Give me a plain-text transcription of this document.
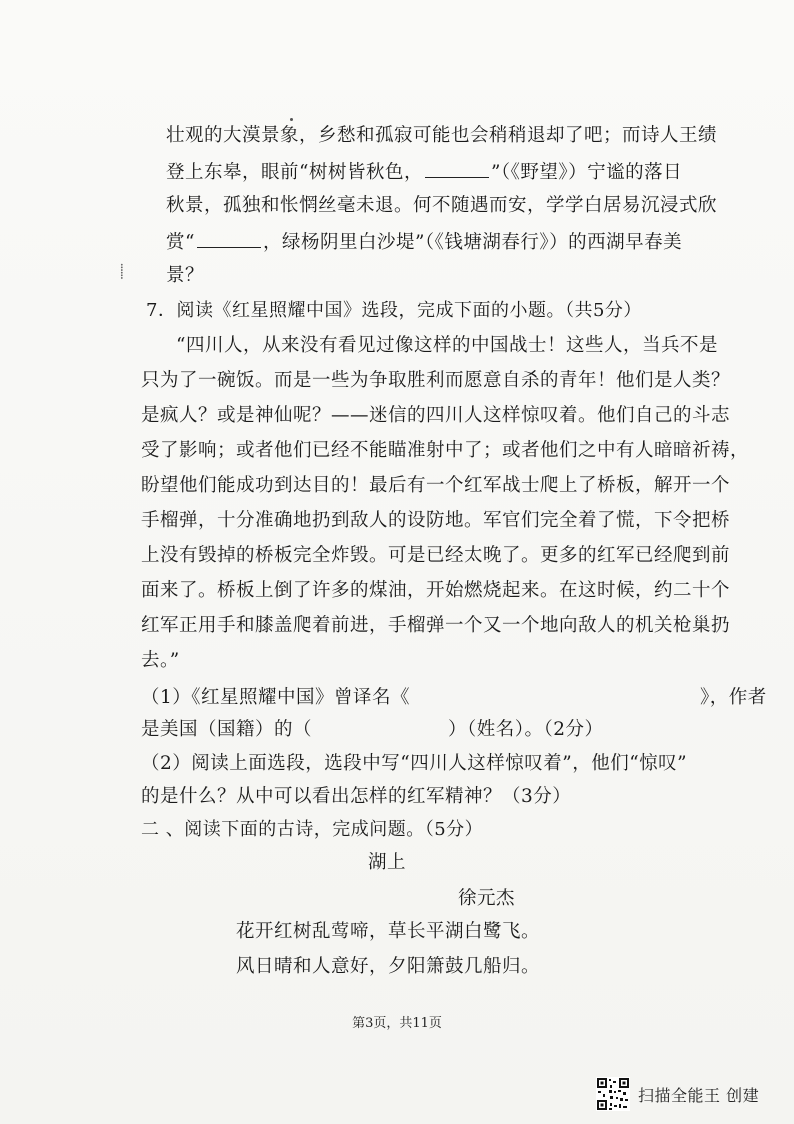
壮观的大漠景象，乡愁和孤寂可能也会稍稍退却了吧；而诗人王绩
登上东皋，眼前“树树皆秋色，	”（《野望》）宁谧的落日
秋景，孤独和怅惘丝毫未退。何不随遇而安，学学白居易沉浸式欣
赏“	，绿杨阴里白沙堤”（《钱塘湖春行》）的西湖早春美
⸽ 景？
7．阅读《红星照耀中国》选段，完成下面的小题。（共5分）
“四川人，从来没有看见过像这样的中国战士！这些人，当兵不是
只为了一碗饭。而是一些为争取胜利而愿意自杀的青年！他们是人类？
是疯人？或是神仙呢？——迷信的四川人这样惊叹着。他们自己的斗志
受了影响；或者他们已经不能瞄准射中了；或者他们之中有人暗暗祈祷，
盼望他们能成功到达目的！最后有一个红军战士爬上了桥板，解开一个
手榴弹，十分准确地扔到敌人的设防地。军官们完全着了慌，下令把桥
上没有毁掉的桥板完全炸毁。可是已经太晚了。更多的红军已经爬到前
面来了。桥板上倒了许多的煤油，开始燃烧起来。在这时候，约二十个
红军正用手和膝盖爬着前进，手榴弹一个又一个地向敌人的机关枪巢扔
去。”
（1）《红星照耀中国》曾译名《	》，作者
是美国（国籍）的（	）（姓名）。（2分）
（2）阅读上面选段，选段中写“四川人这样惊叹着”，他们“惊叹”
的是什么？从中可以看出怎样的红军精神？（3分）
二 、阅读下面的古诗，完成问题。（5分）
湖上
徐元杰
花开红树乱莺啼，草长平湖白鹭飞。
风日晴和人意好，夕阳箫鼓几船归。
第3页，共11页
扫描全能王 创建
